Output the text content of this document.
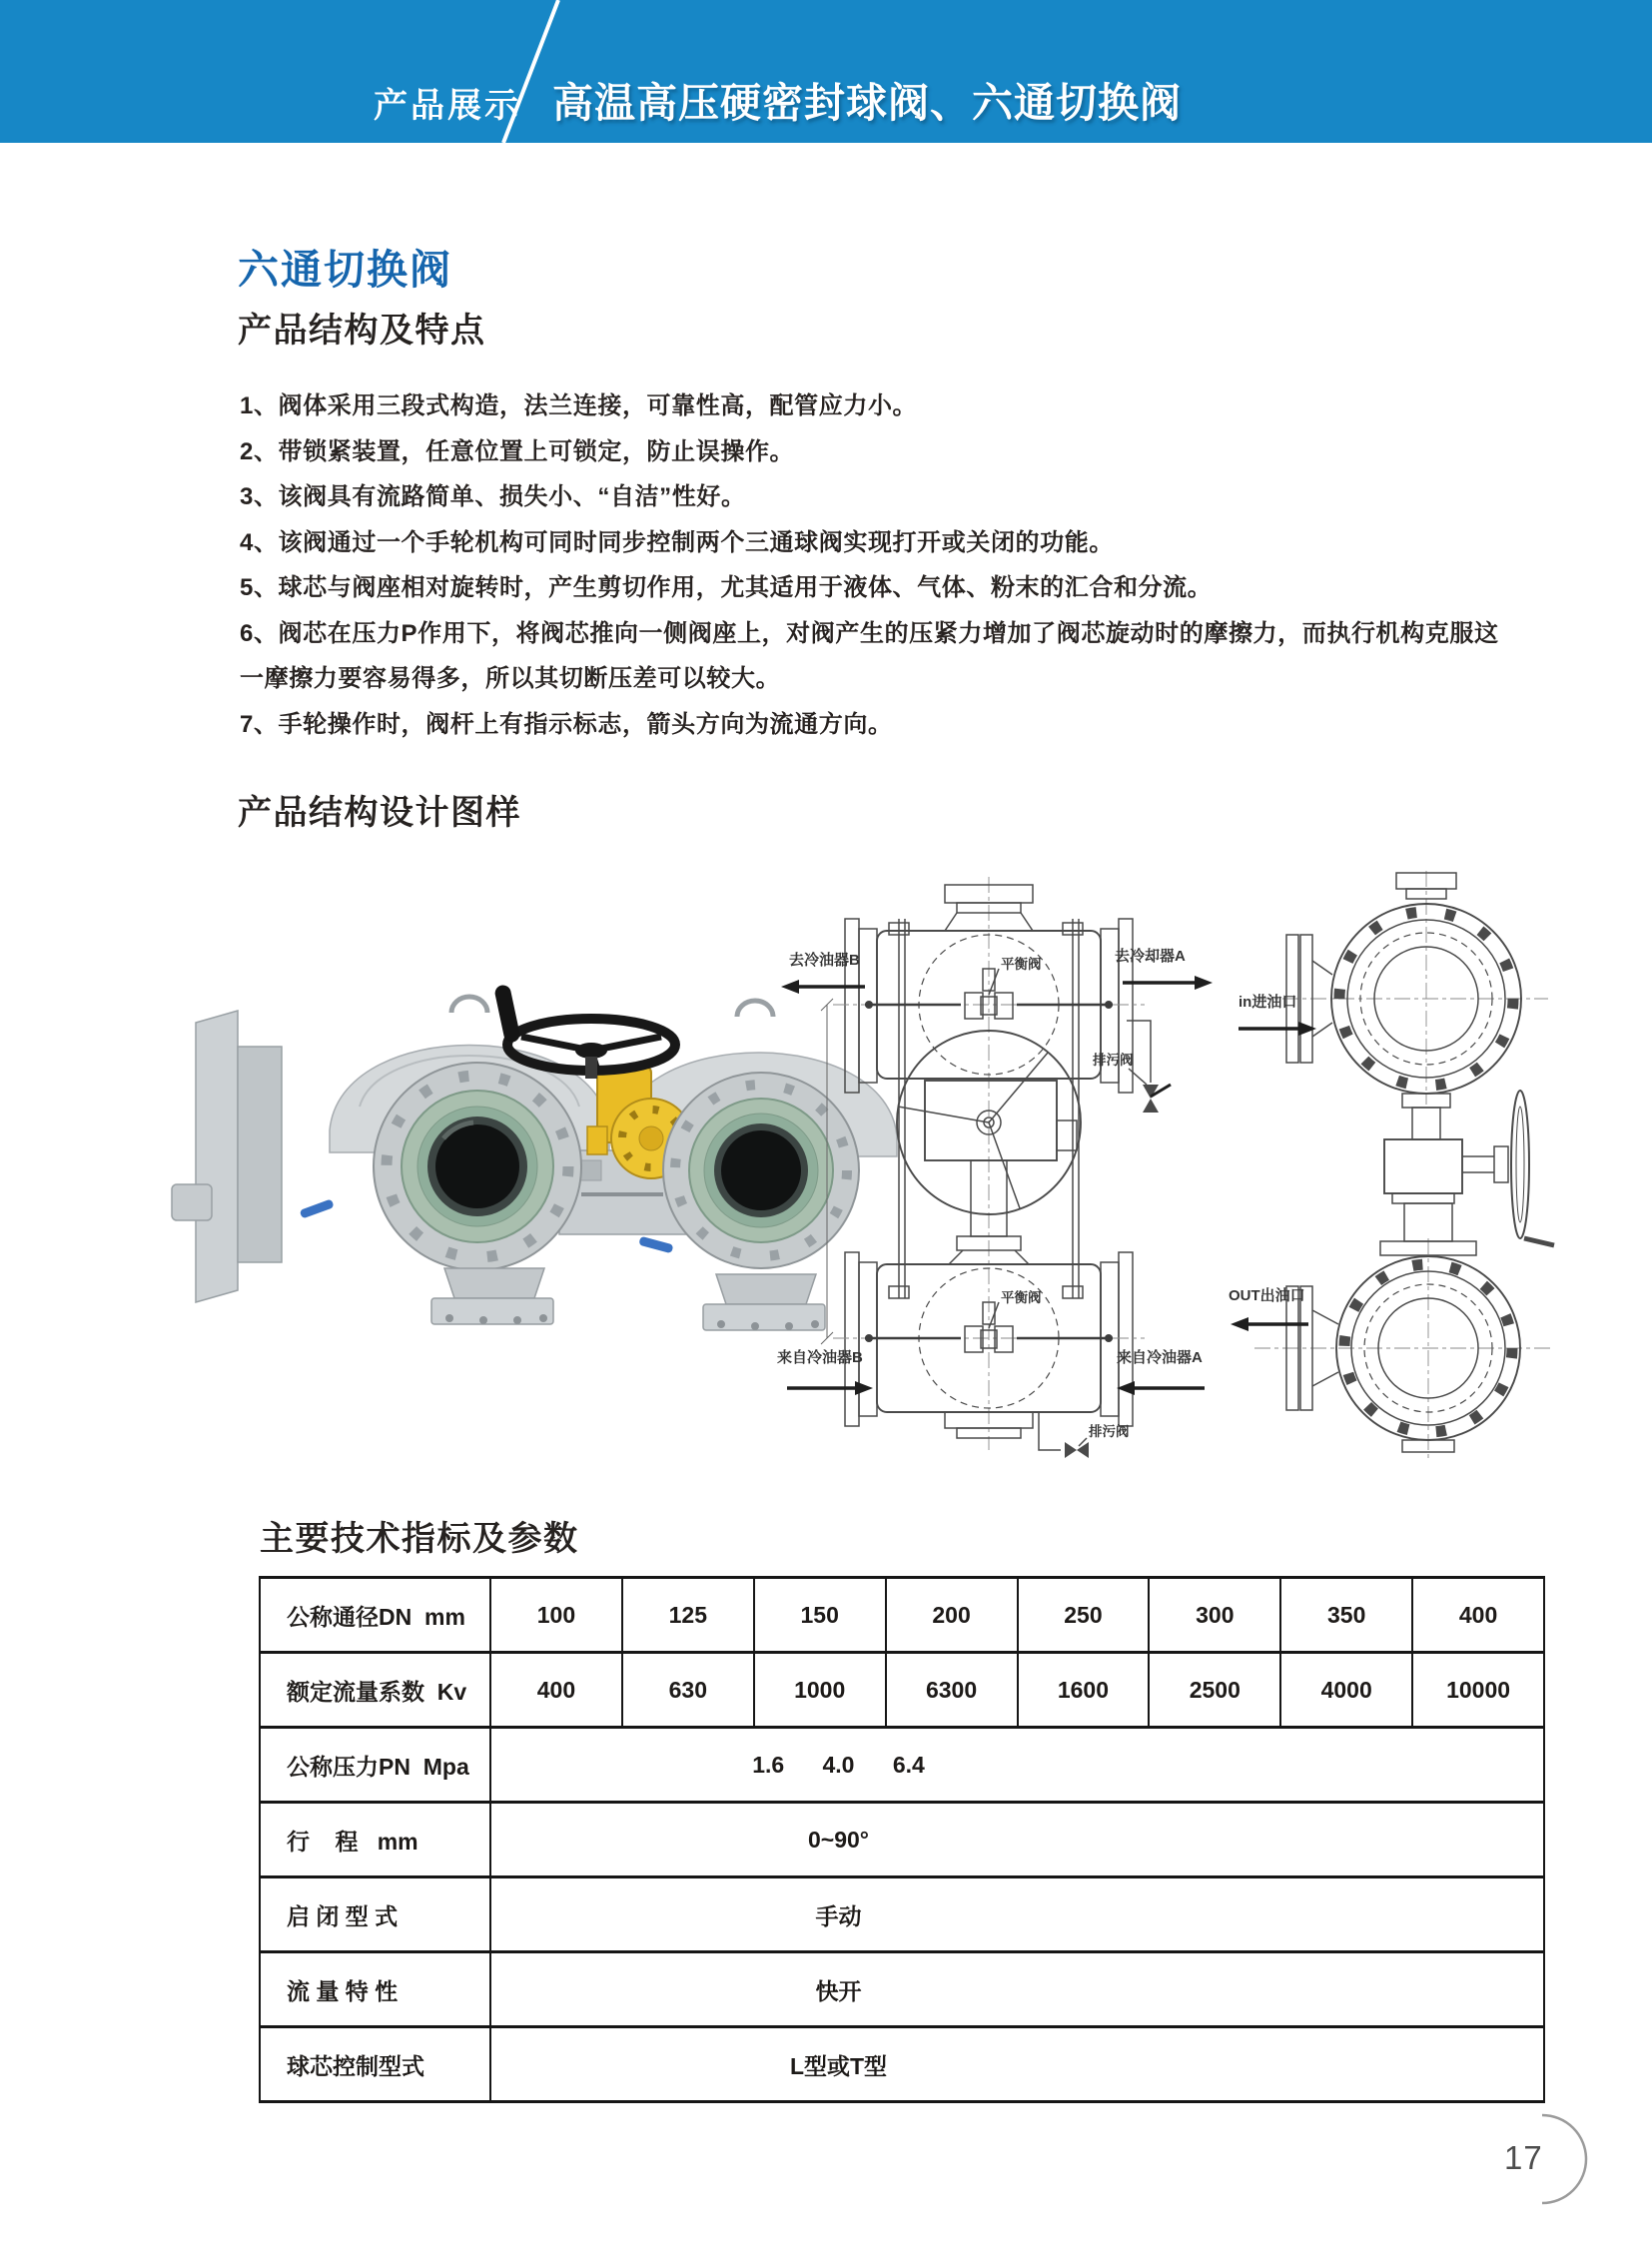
产品展示 高温高压硬密封球阀、六通切换阀
六通切换阀
产品结构及特点
1、阀体采用三段式构造，法兰连接，可靠性高，配管应力小。
2、带锁紧装置，任意位置上可锁定，防止误操作。
3、该阀具有流路简单、损失小、“自洁”性好。
4、该阀通过一个手轮机构可同时同步控制两个三通球阀实现打开或关闭的功能。
5、球芯与阀座相对旋转时，产生剪切作用，尤其适用于液体、气体、粉末的汇合和分流。
6、阀芯在压力P作用下，将阀芯推向一侧阀座上，对阀产生的压紧力增加了阀芯旋动时的摩擦力，而执行机构克服这
一摩擦力要容易得多，所以其切断压差可以较大。
7、手轮操作时，阀杆上有指示标志，箭头方向为流通方向。
产品结构设计图样
平衡阀
排污阀
平衡阀
排污阀
去冷油器B	去冷却器A
来自冷油器B	来自冷油器A
in进油口
OUT出油口
主要技术指标及参数
公称通径DN  mm	100	125	150	200	250	300	350	400
额定流量系数  Kv	400	630	1000	6300	1600	2500	4000	10000
公称压力PN  Mpa	1.6      4.0      6.4
行    程   mm	0~90°
启 闭 型 式	手动
流 量 特 性	快开
球芯控制型式	L型或T型
17
